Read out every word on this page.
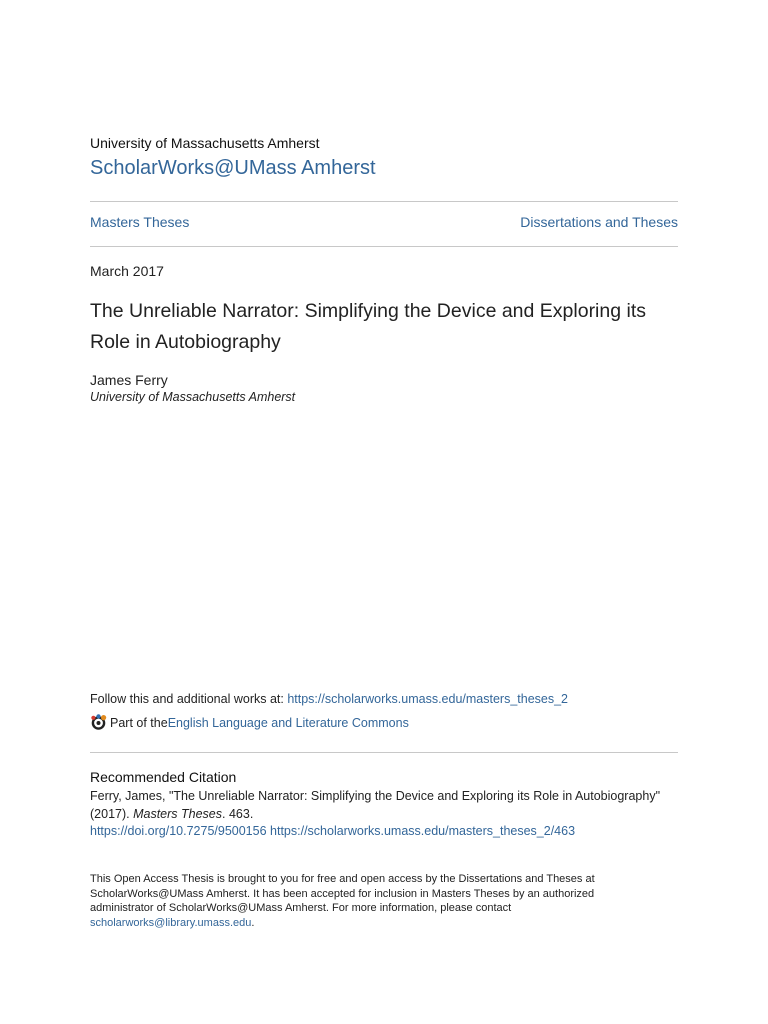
University of Massachusetts Amherst
ScholarWorks@UMass Amherst
Masters Theses	Dissertations and Theses
March 2017
The Unreliable Narrator: Simplifying the Device and Exploring its Role in Autobiography
James Ferry
University of Massachusetts Amherst
Follow this and additional works at: https://scholarworks.umass.edu/masters_theses_2
Part of the English Language and Literature Commons
Recommended Citation
Ferry, James, "The Unreliable Narrator: Simplifying the Device and Exploring its Role in Autobiography" (2017). Masters Theses. 463.
https://doi.org/10.7275/9500156 https://scholarworks.umass.edu/masters_theses_2/463
This Open Access Thesis is brought to you for free and open access by the Dissertations and Theses at ScholarWorks@UMass Amherst. It has been accepted for inclusion in Masters Theses by an authorized administrator of ScholarWorks@UMass Amherst. For more information, please contact scholarworks@library.umass.edu.
